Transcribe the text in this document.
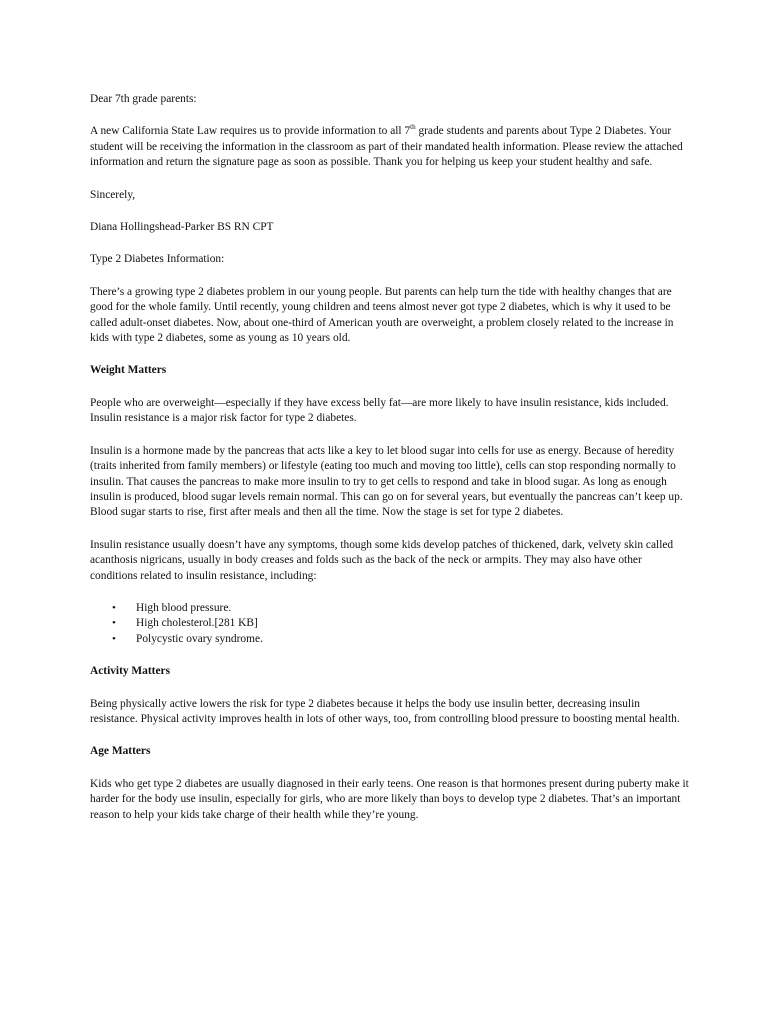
Dear 7th grade parents:

A new California State Law requires us to provide information to all 7th grade students and parents about Type 2 Diabetes. Your student will be receiving the information in the classroom as part of their mandated health information. Please review the attached information and return the signature page as soon as possible. Thank you for helping us keep your student healthy and safe.

Sincerely,

Diana Hollingshead-Parker BS RN CPT

Type 2 Diabetes Information:

There’s a growing type 2 diabetes problem in our young people. But parents can help turn the tide with healthy changes that are good for the whole family. Until recently, young children and teens almost never got type 2 diabetes, which is why it used to be called adult-onset diabetes. Now, about one-third of American youth are overweight, a problem closely related to the increase in kids with type 2 diabetes, some as young as 10 years old.

Weight Matters

People who are overweight—especially if they have excess belly fat—are more likely to have insulin resistance, kids included. Insulin resistance is a major risk factor for type 2 diabetes.

Insulin is a hormone made by the pancreas that acts like a key to let blood sugar into cells for use as energy. Because of heredity (traits inherited from family members) or lifestyle (eating too much and moving too little), cells can stop responding normally to insulin. That causes the pancreas to make more insulin to try to get cells to respond and take in blood sugar. As long as enough insulin is produced, blood sugar levels remain normal. This can go on for several years, but eventually the pancreas can’t keep up. Blood sugar starts to rise, first after meals and then all the time. Now the stage is set for type 2 diabetes.

Insulin resistance usually doesn’t have any symptoms, though some kids develop patches of thickened, dark, velvety skin called acanthosis nigricans, usually in body creases and folds such as the back of the neck or armpits. They may also have other conditions related to insulin resistance, including:

• High blood pressure.
• High cholesterol.[281 KB]
• Polycystic ovary syndrome.
Activity Matters

Being physically active lowers the risk for type 2 diabetes because it helps the body use insulin better, decreasing insulin resistance. Physical activity improves health in lots of other ways, too, from controlling blood pressure to boosting mental health.

Age Matters

Kids who get type 2 diabetes are usually diagnosed in their early teens. One reason is that hormones present during puberty make it harder for the body use insulin, especially for girls, who are more likely than boys to develop type 2 diabetes. That’s an important reason to help your kids take charge of their health while they’re young.
